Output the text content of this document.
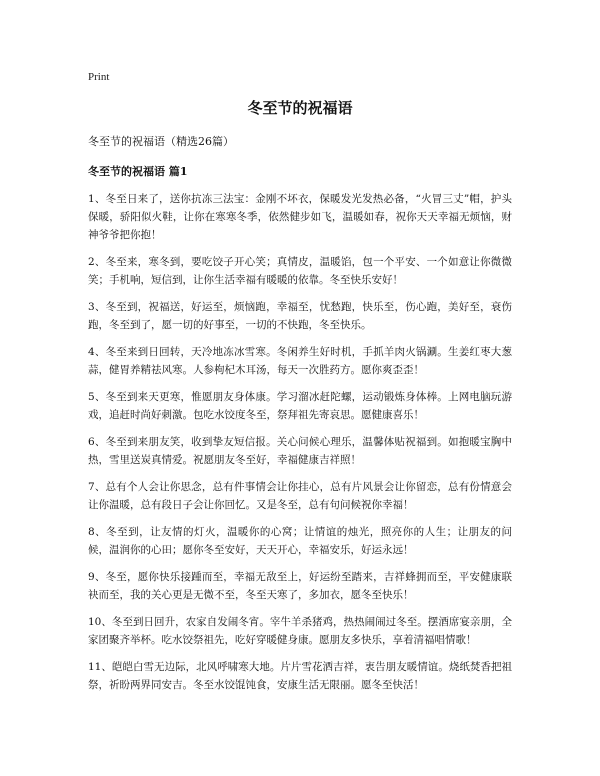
Print
冬至节的祝福语
冬至节的祝福语（精选26篇）
冬至节的祝福语 篇1

1、冬至日来了，送你抗冻三法宝：金刚不坏衣，保暖发光发热必备，“火冒三丈”帽，护头保暖，骄阳似火鞋，让你在寒寒冬季，依然健步如飞，温暖如春，祝你天天幸福无烦恼，财神爷爷把你抱！

2、冬至来，寒冬到，要吃饺子开心笑；真情皮，温暖馅，包一个平安、一个如意让你微微笑；手机响，短信到，让你生活幸福有暖暖的依靠。冬至快乐安好！

3、冬至到，祝福送，好运至，烦恼跑，幸福至，忧愁跑，快乐至，伤心跑，美好至，衰伤跑，冬至到了，愿一切的好事至，一切的不快跑，冬至快乐。

4、冬至来到日回转，天冷地冻冰雪寒。冬闲养生好时机，手抓羊肉火锅涮。生姜红枣大葱蒜，健胃养精祛风寒。人参枸杞木耳汤，每天一次胜药方。愿你爽歪歪！

5、冬至到来天更寒，惟愿朋友身体康。学习溜冰赶陀螺，运动锻炼身体棒。上网电脑玩游戏，追赶时尚好刺激。包吃水饺度冬至，祭拜祖先寄哀思。愿健康喜乐！

6、冬至到来朋友笑，收到挚友短信报。关心问候心理乐，温馨体贴祝福到。如抱暖宝胸中热，雪里送炭真情爱。祝愿朋友冬至好，幸福健康吉祥照！

7、总有个人会让你思念，总有件事情会让你挂心，总有片风景会让你留恋，总有份情意会让你温暖，总有段日子会让你回忆。又是冬至，总有句问候祝你幸福！

8、冬至到，让友情的灯火，温暖你的心窝；让情谊的烛光，照亮你的人生；让朋友的问候，温润你的心田；愿你冬至安好，天天开心，幸福安乐，好运永远！

9、冬至，愿你快乐接踵而至，幸福无敌至上，好运纷至踏来，吉祥蜂拥而至，平安健康联袂而至，我的关心更是无微不至，冬至天寒了，多加衣，愿冬至快乐！

10、冬至到日回升，农家自发闹冬宵。宰牛羊杀猪鸡，热热闹闹过冬至。摆酒席宴亲朋，全家团聚齐举杯。吃水饺祭祖先，吃好穿暖健身康。愿朋友多快乐，享着清福唱情歌！

11、皑皑白雪无边际，北风呼啸寒大地。片片雪花洒吉祥，衷告朋友暖情谊。烧纸焚香把祖祭，祈盼两界同安吉。冬至水饺馄饨食，安康生活无限丽。愿冬至快活！
